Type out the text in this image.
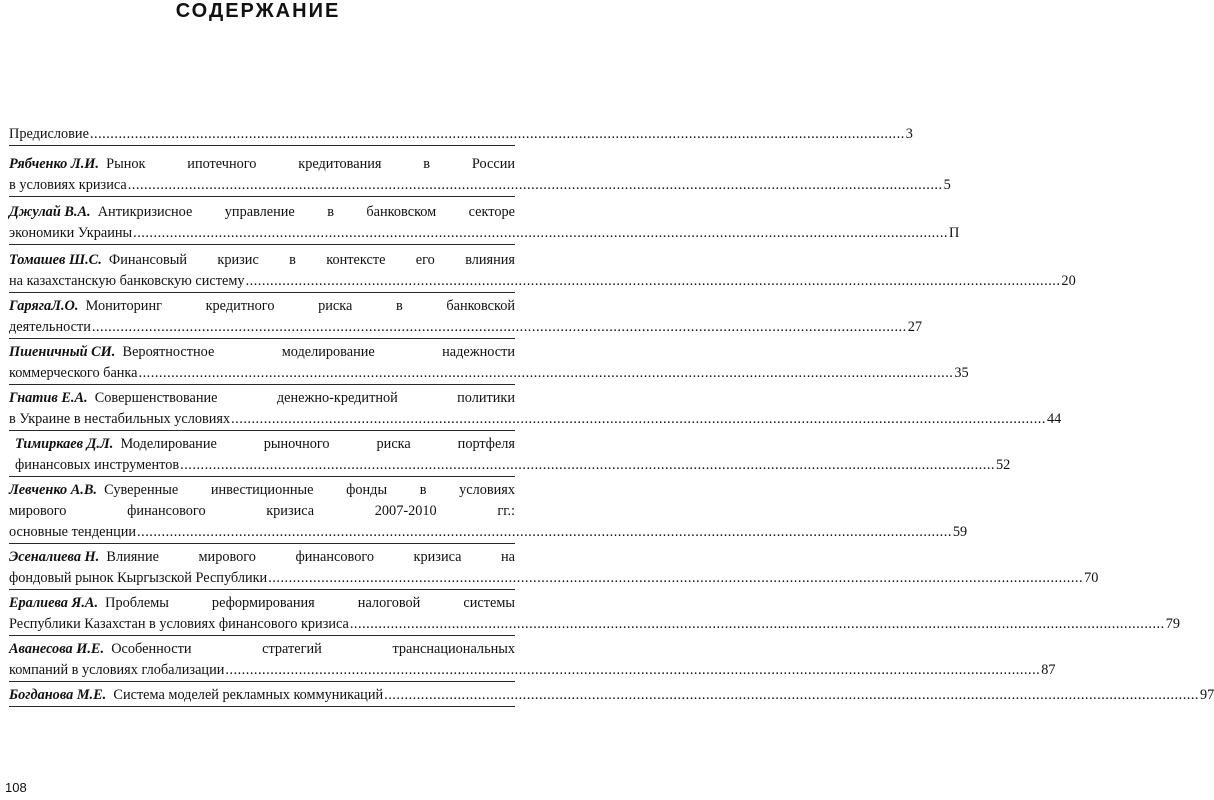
СОДЕРЖАНИЕ
Предисловие ........................................................................................................................................................................................................ 3
Рябченко Л.И.
Рынок ипотечного кредитования в России
в условиях кризиса ........................................................................................................................................................................................................ 5
Джулай В.А.
Антикризисное управление в банковском секторе
экономики Украины ........................................................................................................................................................................................................ П
Томашев Ш.С.
Финансовый кризис в контексте его влияния
на казахстанскую банковскую систему ........................................................................................................................................................................................................ 20
ГарягаЛ.О.
Мониторинг кредитного риска в банковской
деятельности ........................................................................................................................................................................................................ 27
Пшеничный СИ.
Вероятностное моделирование надежности
коммерческого банка ........................................................................................................................................................................................................ 35
Гнатив Е.А.
Совершенствование денежно-кредитной политики
в Украине в нестабильных условиях ........................................................................................................................................................................................................ 44
Тимиркаев Д.Л.
Моделирование рыночного риска портфеля
финансовых инструментов ........................................................................................................................................................................................................ 52
Левченко А.В.
Суверенные инвестиционные фонды в условиях
мирового финансового кризиса 2007-2010 гг.:
основные тенденции ........................................................................................................................................................................................................ 59
Эсеналиева Н.
Влияние мирового финансового кризиса на
фондовый рынок Кыргызской Республики ........................................................................................................................................................................................................ 70
Ералиева Я.А.
Проблемы реформирования налоговой системы
Республики Казахстан в условиях финансового кризиса ........................................................................................................................................................................................................ 79
Аванесова И.Е.
Особенности стратегий транснациональных
компаний в условиях глобализации ........................................................................................................................................................................................................ 87
Богданова М.Е.
Система моделей рекламных коммуникаций ........................................................................................................................................................................................................ 97
108
